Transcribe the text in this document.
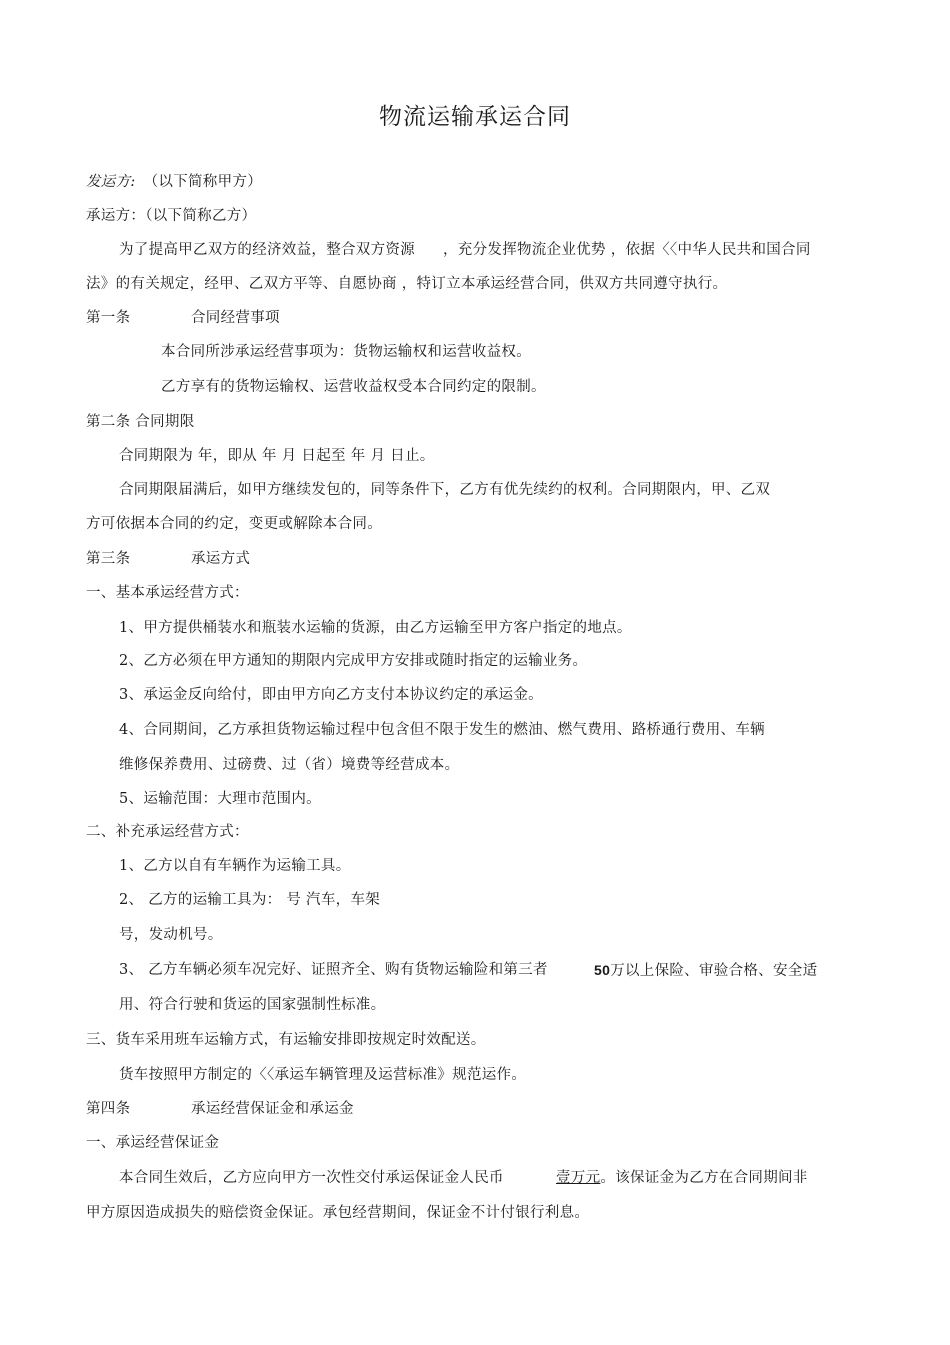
物流运输承运合同
发运方: （以下简称甲方）
承运方：（以下简称乙方）
为了提高甲乙双方的经济效益，整合双方资源 ，充分发挥物流企业优势 ，依据〈〈中华人民共和国合同
法》的有关规定，经甲、乙双方平等、自愿协商 ，特订立本承运经营合同，供双方共同遵守执行。
第一条	合同经营事项
本合同所涉承运经营事项为：货物运输权和运营收益权。
乙方享有的货物运输权、运营收益权受本合同约定的限制。
第二条 合同期限
合同期限为 年，即从 年 月 日起至 年 月 日止。
合同期限届满后，如甲方继续发包的，同等条件下，乙方有优先续约的权利。合同期限内，甲、乙双
方可依据本合同的约定，变更或解除本合同。
第三条	承运方式
一、基本承运经营方式：
1、甲方提供桶装水和瓶装水运输的货源，由乙方运输至甲方客户指定的地点。
2、乙方必须在甲方通知的期限内完成甲方安排或随时指定的运输业务。
3、承运金反向给付，即由甲方向乙方支付本协议约定的承运金。
4、合同期间，乙方承担货物运输过程中包含但不限于发生的燃油、燃气费用、路桥通行费用、车辆
维修保养费用、过磅费、过（省）境费等经营成本。
5、运输范围：大理市范围内。
二、补充承运经营方式：
1、乙方以自有车辆作为运输工具。
2、 乙方的运输工具为： 号 汽车，车架
号，发动机号。
3、 乙方车辆必须车况完好、证照齐全、购有货物运输险和第三者	50万以上保险、审验合格、安全适
用、符合行驶和货运的国家强制性标准。
三、货车采用班车运输方式，有运输安排即按规定时效配送。
货车按照甲方制定的〈〈承运车辆管理及运营标准》规范运作。
第四条	承运经营保证金和承运金
一、承运经营保证金
本合同生效后，乙方应向甲方一次性交付承运保证金人民币	壹万元。该保证金为乙方在合同期间非
甲方原因造成损失的赔偿资金保证。承包经营期间，保证金不计付银行利息。
